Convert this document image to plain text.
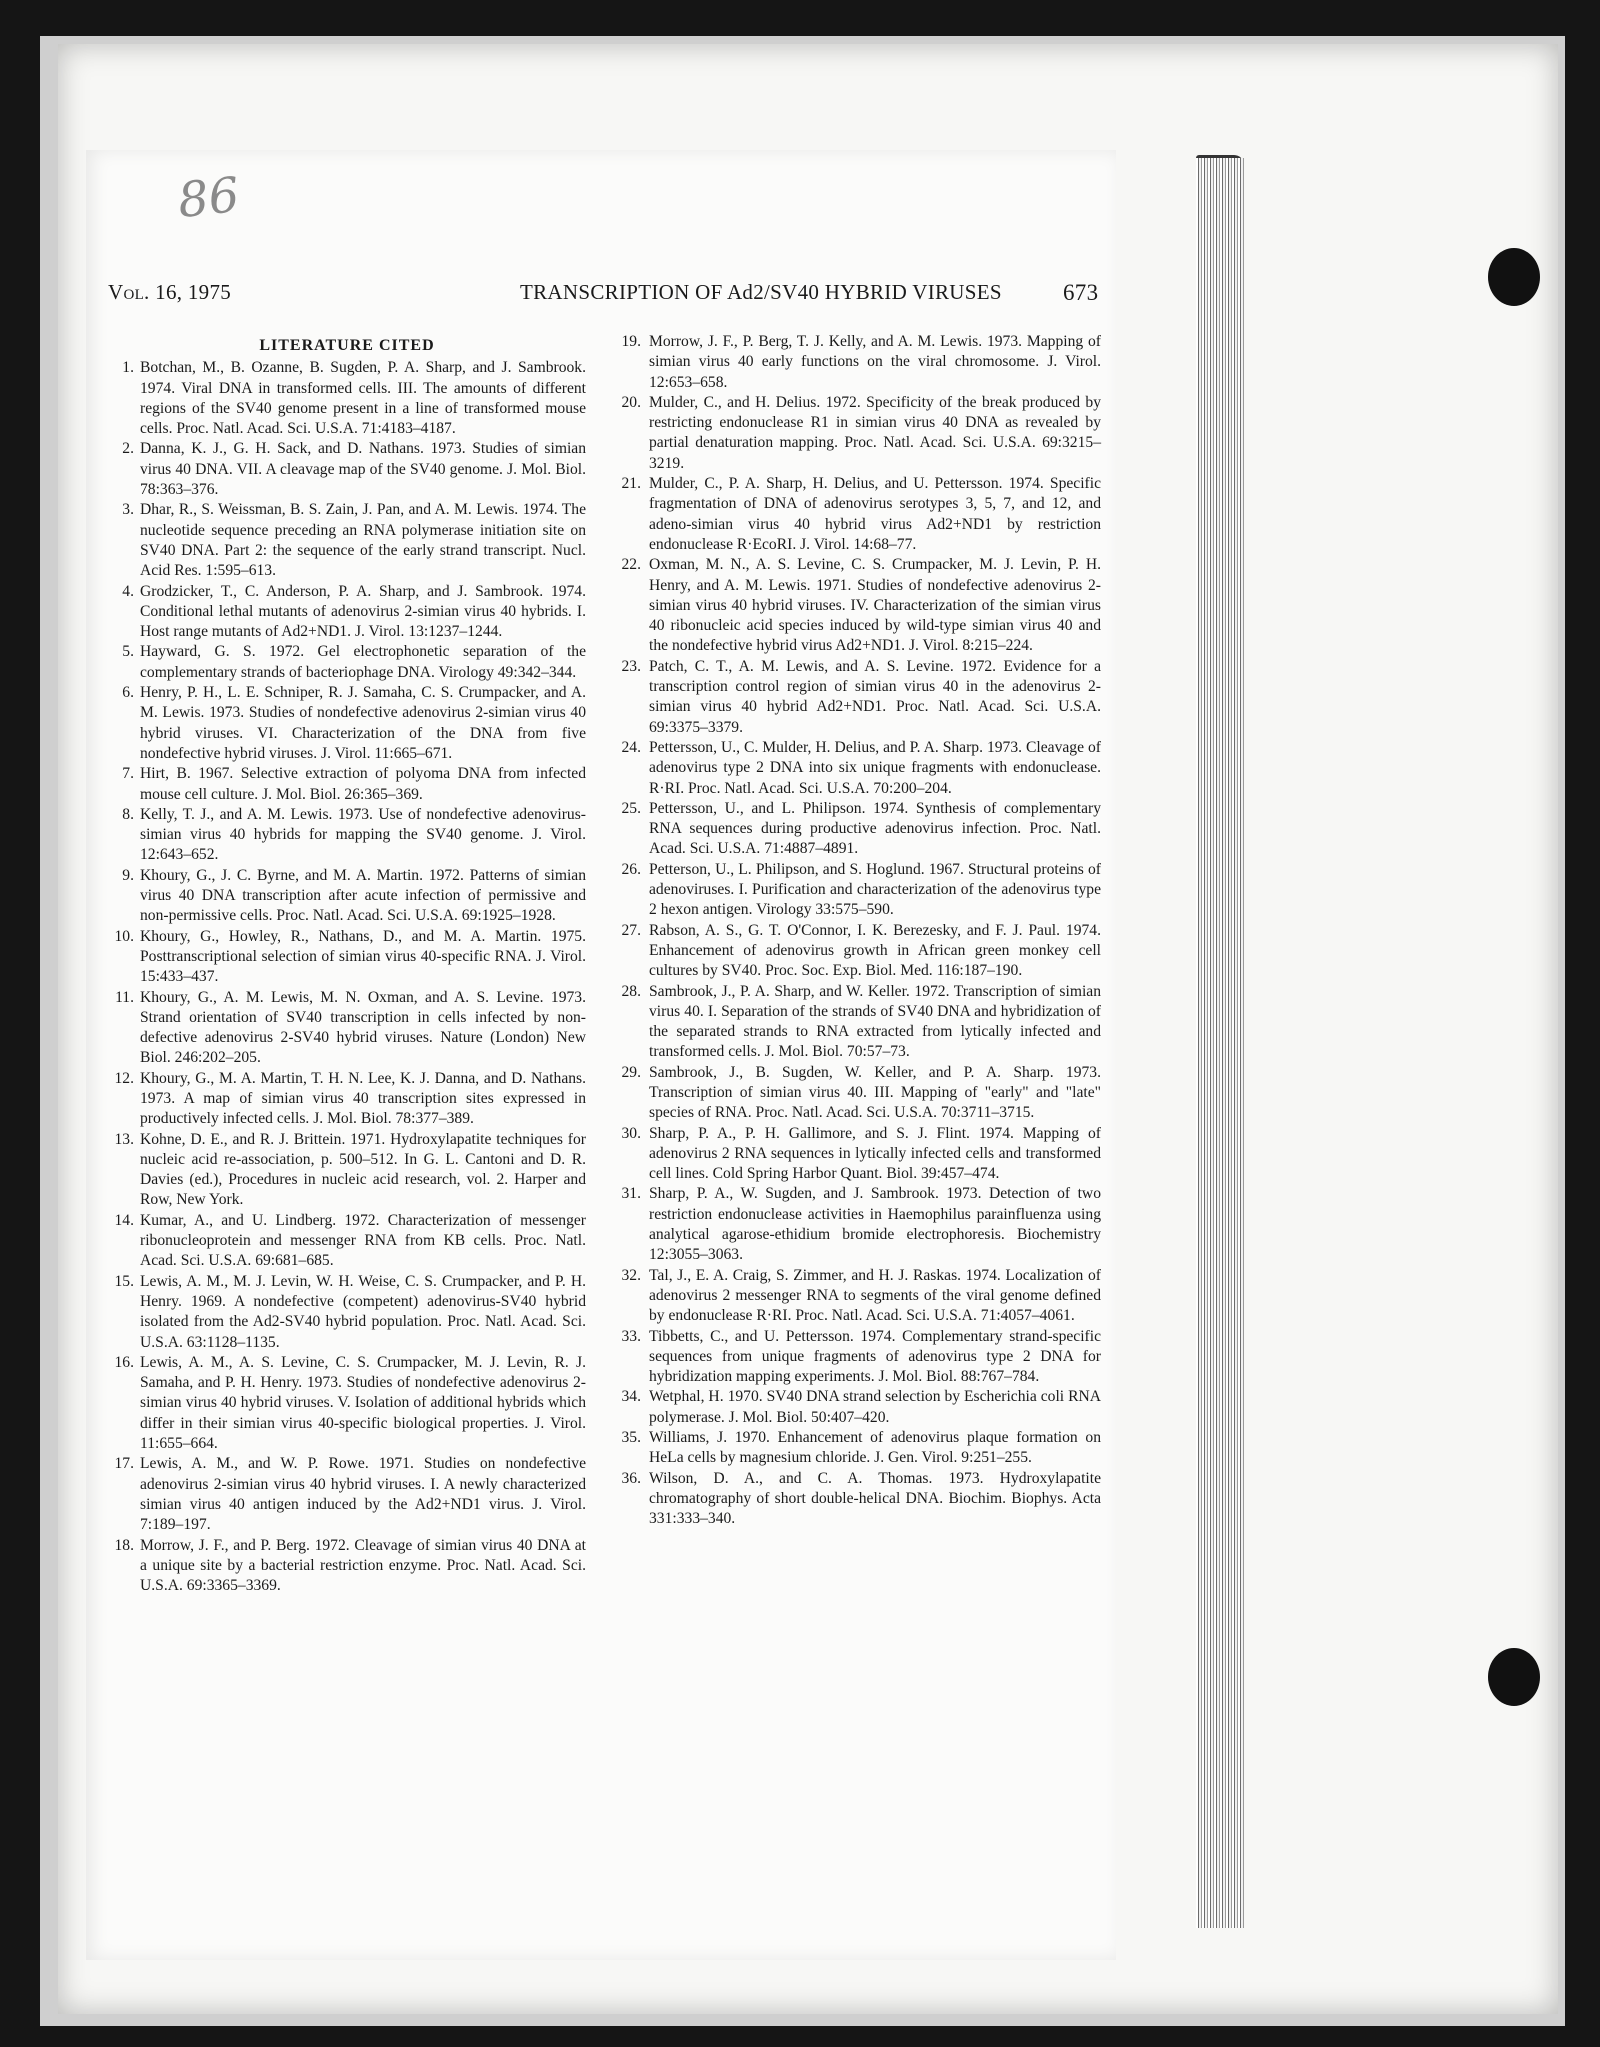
86
Vol. 16, 1975	TRANSCRIPTION OF Ad2/SV40 HYBRID VIRUSES	673
LITERATURE CITED
1. Botchan, M., B. Ozanne, B. Sugden, P. A. Sharp, and J. Sambrook. 1974. Viral DNA in transformed cells. III. The amounts of different regions of the SV40 genome present in a line of transformed mouse cells. Proc. Natl. Acad. Sci. U.S.A. 71:4183–4187.
2. Danna, K. J., G. H. Sack, and D. Nathans. 1973. Studies of simian virus 40 DNA. VII. A cleavage map of the SV40 genome. J. Mol. Biol. 78:363–376.
3. Dhar, R., S. Weissman, B. S. Zain, J. Pan, and A. M. Lewis. 1974. The nucleotide sequence preceding an RNA polymerase initiation site on SV40 DNA. Part 2: the sequence of the early strand transcript. Nucl. Acid Res. 1:595–613.
4. Grodzicker, T., C. Anderson, P. A. Sharp, and J. Sambrook. 1974. Conditional lethal mutants of adenovirus 2-simian virus 40 hybrids. I. Host range mutants of Ad2+ND1. J. Virol. 13:1237–1244.
5. Hayward, G. S. 1972. Gel electrophonetic separation of the complementary strands of bacteriophage DNA. Virology 49:342–344.
6. Henry, P. H., L. E. Schniper, R. J. Samaha, C. S. Crumpacker, and A. M. Lewis. 1973. Studies of nondefective adenovirus 2-simian virus 40 hybrid viruses. VI. Characterization of the DNA from five nondefective hybrid viruses. J. Virol. 11:665–671.
7. Hirt, B. 1967. Selective extraction of polyoma DNA from infected mouse cell culture. J. Mol. Biol. 26:365–369.
8. Kelly, T. J., and A. M. Lewis. 1973. Use of nondefective adenovirus-simian virus 40 hybrids for mapping the SV40 genome. J. Virol. 12:643–652.
9. Khoury, G., J. C. Byrne, and M. A. Martin. 1972. Patterns of simian virus 40 DNA transcription after acute infection of permissive and non-permissive cells. Proc. Natl. Acad. Sci. U.S.A. 69:1925–1928.
10. Khoury, G., Howley, R., Nathans, D., and M. A. Martin. 1975. Posttranscriptional selection of simian virus 40-specific RNA. J. Virol. 15:433–437.
11. Khoury, G., A. M. Lewis, M. N. Oxman, and A. S. Levine. 1973. Strand orientation of SV40 transcription in cells infected by non-defective adenovirus 2-SV40 hybrid viruses. Nature (London) New Biol. 246:202–205.
12. Khoury, G., M. A. Martin, T. H. N. Lee, K. J. Danna, and D. Nathans. 1973. A map of simian virus 40 transcription sites expressed in productively infected cells. J. Mol. Biol. 78:377–389.
13. Kohne, D. E., and R. J. Brittein. 1971. Hydroxylapatite techniques for nucleic acid re-association, p. 500–512. In G. L. Cantoni and D. R. Davies (ed.), Procedures in nucleic acid research, vol. 2. Harper and Row, New York.
14. Kumar, A., and U. Lindberg. 1972. Characterization of messenger ribonucleoprotein and messenger RNA from KB cells. Proc. Natl. Acad. Sci. U.S.A. 69:681–685.
15. Lewis, A. M., M. J. Levin, W. H. Weise, C. S. Crumpacker, and P. H. Henry. 1969. A nondefective (competent) adenovirus-SV40 hybrid isolated from the Ad2-SV40 hybrid population. Proc. Natl. Acad. Sci. U.S.A. 63:1128–1135.
16. Lewis, A. M., A. S. Levine, C. S. Crumpacker, M. J. Levin, R. J. Samaha, and P. H. Henry. 1973. Studies of nondefective adenovirus 2-simian virus 40 hybrid viruses. V. Isolation of additional hybrids which differ in their simian virus 40-specific biological properties. J. Virol. 11:655–664.
17. Lewis, A. M., and W. P. Rowe. 1971. Studies on nondefective adenovirus 2-simian virus 40 hybrid viruses. I. A newly characterized simian virus 40 antigen induced by the Ad2+ND1 virus. J. Virol. 7:189–197.
18. Morrow, J. F., and P. Berg. 1972. Cleavage of simian virus 40 DNA at a unique site by a bacterial restriction enzyme. Proc. Natl. Acad. Sci. U.S.A. 69:3365–3369.
19. Morrow, J. F., P. Berg, T. J. Kelly, and A. M. Lewis. 1973. Mapping of simian virus 40 early functions on the viral chromosome. J. Virol. 12:653–658.
20. Mulder, C., and H. Delius. 1972. Specificity of the break produced by restricting endonuclease R1 in simian virus 40 DNA as revealed by partial denaturation mapping. Proc. Natl. Acad. Sci. U.S.A. 69:3215–3219.
21. Mulder, C., P. A. Sharp, H. Delius, and U. Pettersson. 1974. Specific fragmentation of DNA of adenovirus serotypes 3, 5, 7, and 12, and adeno-simian virus 40 hybrid virus Ad2+ND1 by restriction endonuclease R·EcoRI. J. Virol. 14:68–77.
22. Oxman, M. N., A. S. Levine, C. S. Crumpacker, M. J. Levin, P. H. Henry, and A. M. Lewis. 1971. Studies of nondefective adenovirus 2-simian virus 40 hybrid viruses. IV. Characterization of the simian virus 40 ribonucleic acid species induced by wild-type simian virus 40 and the nondefective hybrid virus Ad2+ND1. J. Virol. 8:215–224.
23. Patch, C. T., A. M. Lewis, and A. S. Levine. 1972. Evidence for a transcription control region of simian virus 40 in the adenovirus 2-simian virus 40 hybrid Ad2+ND1. Proc. Natl. Acad. Sci. U.S.A. 69:3375–3379.
24. Pettersson, U., C. Mulder, H. Delius, and P. A. Sharp. 1973. Cleavage of adenovirus type 2 DNA into six unique fragments with endonuclease. R·RI. Proc. Natl. Acad. Sci. U.S.A. 70:200–204.
25. Pettersson, U., and L. Philipson. 1974. Synthesis of complementary RNA sequences during productive adenovirus infection. Proc. Natl. Acad. Sci. U.S.A. 71:4887–4891.
26. Petterson, U., L. Philipson, and S. Hoglund. 1967. Structural proteins of adenoviruses. I. Purification and characterization of the adenovirus type 2 hexon antigen. Virology 33:575–590.
27. Rabson, A. S., G. T. O'Connor, I. K. Berezesky, and F. J. Paul. 1974. Enhancement of adenovirus growth in African green monkey cell cultures by SV40. Proc. Soc. Exp. Biol. Med. 116:187–190.
28. Sambrook, J., P. A. Sharp, and W. Keller. 1972. Transcription of simian virus 40. I. Separation of the strands of SV40 DNA and hybridization of the separated strands to RNA extracted from lytically infected and transformed cells. J. Mol. Biol. 70:57–73.
29. Sambrook, J., B. Sugden, W. Keller, and P. A. Sharp. 1973. Transcription of simian virus 40. III. Mapping of "early" and "late" species of RNA. Proc. Natl. Acad. Sci. U.S.A. 70:3711–3715.
30. Sharp, P. A., P. H. Gallimore, and S. J. Flint. 1974. Mapping of adenovirus 2 RNA sequences in lytically infected cells and transformed cell lines. Cold Spring Harbor Quant. Biol. 39:457–474.
31. Sharp, P. A., W. Sugden, and J. Sambrook. 1973. Detection of two restriction endonuclease activities in Haemophilus parainfluenza using analytical agarose-ethidium bromide electrophoresis. Biochemistry 12:3055–3063.
32. Tal, J., E. A. Craig, S. Zimmer, and H. J. Raskas. 1974. Localization of adenovirus 2 messenger RNA to segments of the viral genome defined by endonuclease R·RI. Proc. Natl. Acad. Sci. U.S.A. 71:4057–4061.
33. Tibbetts, C., and U. Pettersson. 1974. Complementary strand-specific sequences from unique fragments of adenovirus type 2 DNA for hybridization mapping experiments. J. Mol. Biol. 88:767–784.
34. Wetphal, H. 1970. SV40 DNA strand selection by Escherichia coli RNA polymerase. J. Mol. Biol. 50:407–420.
35. Williams, J. 1970. Enhancement of adenovirus plaque formation on HeLa cells by magnesium chloride. J. Gen. Virol. 9:251–255.
36. Wilson, D. A., and C. A. Thomas. 1973. Hydroxylapatite chromatography of short double-helical DNA. Biochim. Biophys. Acta 331:333–340.
